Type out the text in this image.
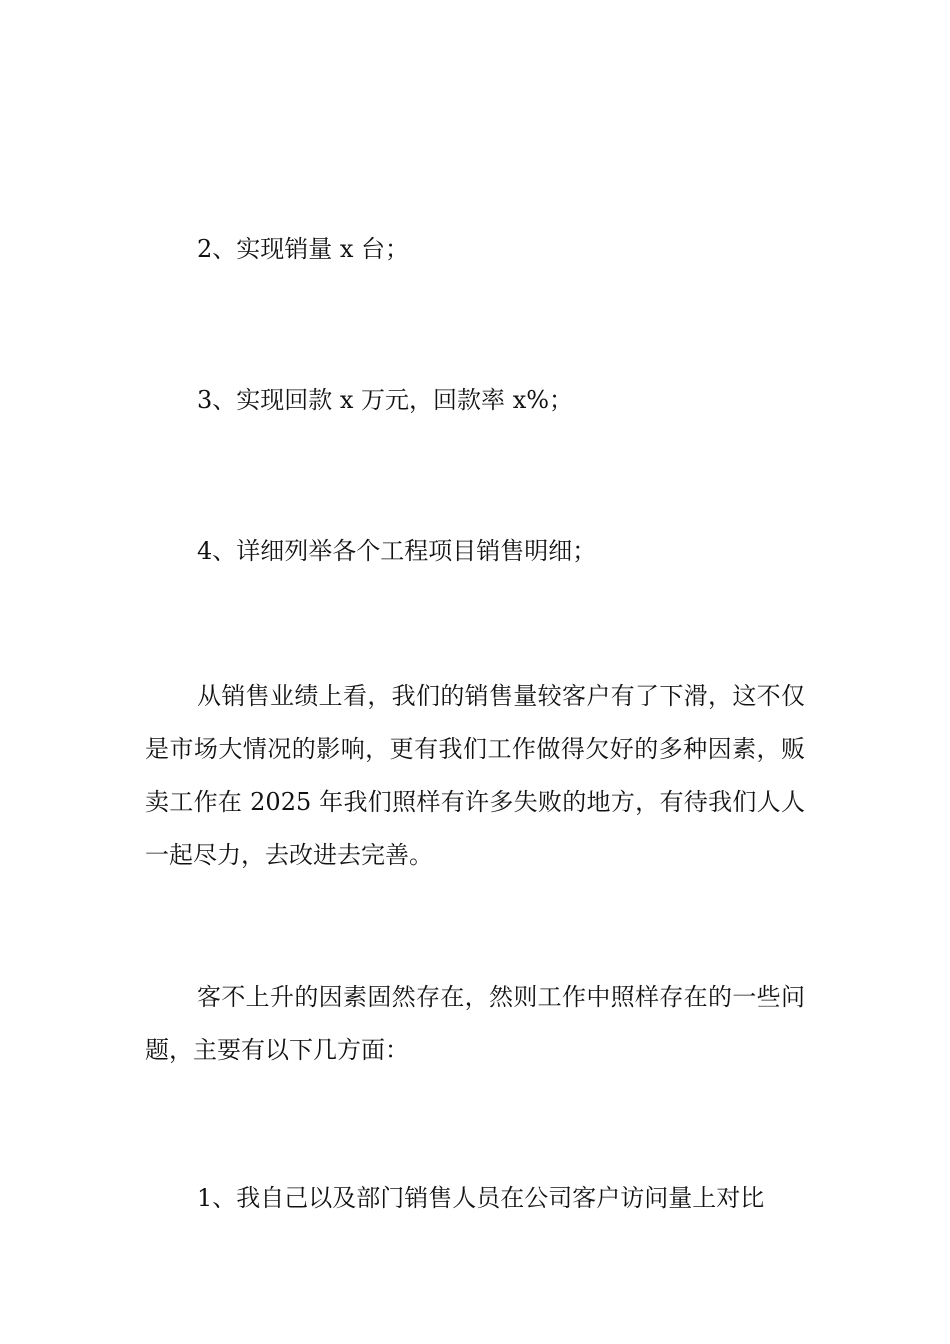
2、实现销量 x 台；

3、实现回款 x 万元，回款率 x%；

4、详细列举各个工程项目销售明细；

从销售业绩上看，我们的销售量较客户有了下滑，这不仅是市场大情况的影响，更有我们工作做得欠好的多种因素，贩卖工作在 2025 年我们照样有许多失败的地方，有待我们人人一起尽力，去改进去完善。

客不上升的因素固然存在，然则工作中照样存在的一些问题，主要有以下几方面：

1、我自己以及部门销售人员在公司客户访问量上对比
